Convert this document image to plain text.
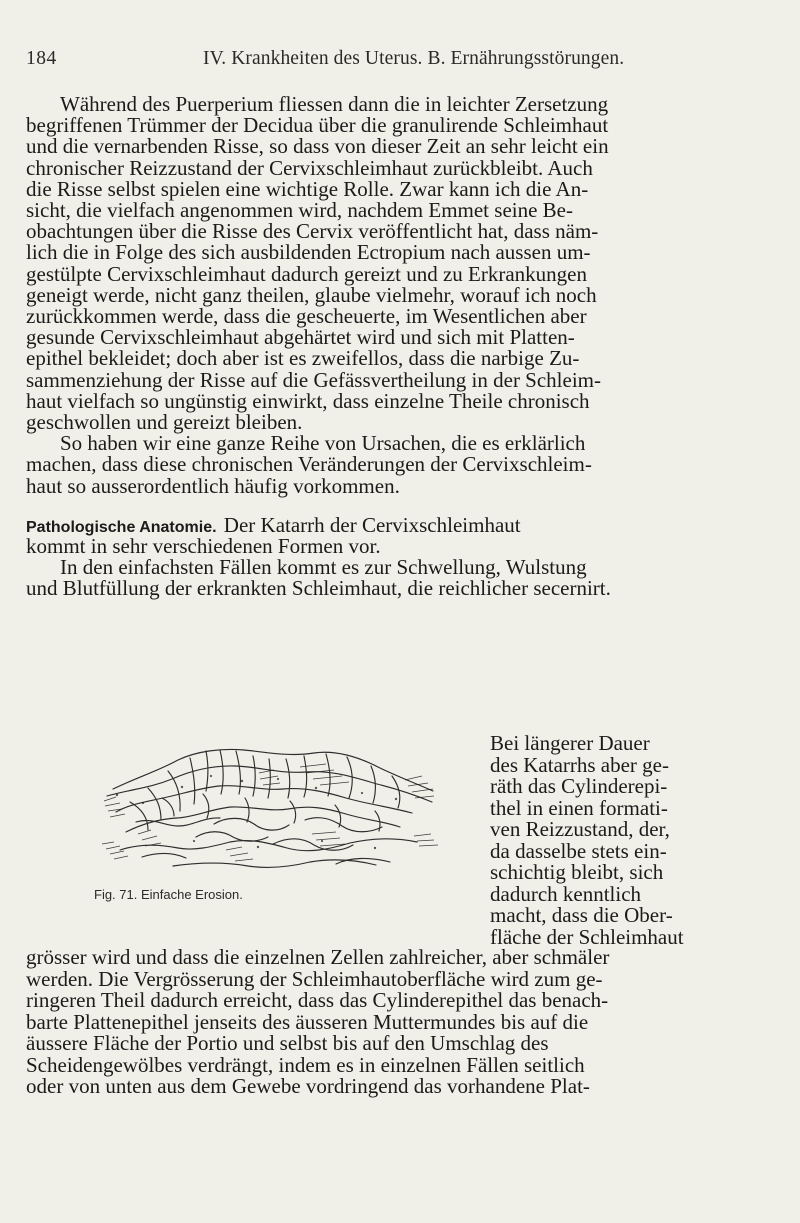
184	IV. Krankheiten des Uterus. B. Ernährungsstörungen.
Während des Puerperium fliessen dann die in leichter Zersetzung
begriffenen Trümmer der Decidua über die granulirende Schleimhaut
und die vernarbenden Risse, so dass von dieser Zeit an sehr leicht ein
chronischer Reizzustand der Cervixschleimhaut zurückbleibt. Auch
die Risse selbst spielen eine wichtige Rolle. Zwar kann ich die An-
sicht, die vielfach angenommen wird, nachdem Emmet seine Be-
obachtungen über die Risse des Cervix veröffentlicht hat, dass näm-
lich die in Folge des sich ausbildenden Ectropium nach aussen um-
gestülpte Cervixschleimhaut dadurch gereizt und zu Erkrankungen
geneigt werde, nicht ganz theilen, glaube vielmehr, worauf ich noch
zurückkommen werde, dass die gescheuerte, im Wesentlichen aber
gesunde Cervixschleimhaut abgehärtet wird und sich mit Platten-
epithel bekleidet; doch aber ist es zweifellos, dass die narbige Zu-
sammenziehung der Risse auf die Gefässvertheilung in der Schleim-
haut vielfach so ungünstig einwirkt, dass einzelne Theile chronisch
geschwollen und gereizt bleiben.
So haben wir eine ganze Reihe von Ursachen, die es erklärlich
machen, dass diese chronischen Veränderungen der Cervixschleim-
haut so ausserordentlich häufig vorkommen.
Pathologische Anatomie. Der Katarrh der Cervixschleimhaut
kommt in sehr verschiedenen Formen vor.
In den einfachsten Fällen kommt es zur Schwellung, Wulstung
und Blutfüllung der erkrankten Schleimhaut, die reichlicher secernirt.
Bei längerer Dauer
des Katarrhs aber ge-
räth das Cylinderepi-
thel in einen formati-
ven Reizzustand, der,
da dasselbe stets ein-
schichtig bleibt, sich
dadurch kenntlich
macht, dass die Ober-
fläche der Schleimhaut
grösser wird und dass die einzelnen Zellen zahlreicher, aber schmäler
werden. Die Vergrösserung der Schleimhautoberfläche wird zum ge-
ringeren Theil dadurch erreicht, dass das Cylinderepithel das benach-
barte Plattenepithel jenseits des äusseren Muttermundes bis auf die
äussere Fläche der Portio und selbst bis auf den Umschlag des
Scheidengewölbes verdrängt, indem es in einzelnen Fällen seitlich
oder von unten aus dem Gewebe vordringend das vorhandene Plat-
Fig. 71. Einfache Erosion.
